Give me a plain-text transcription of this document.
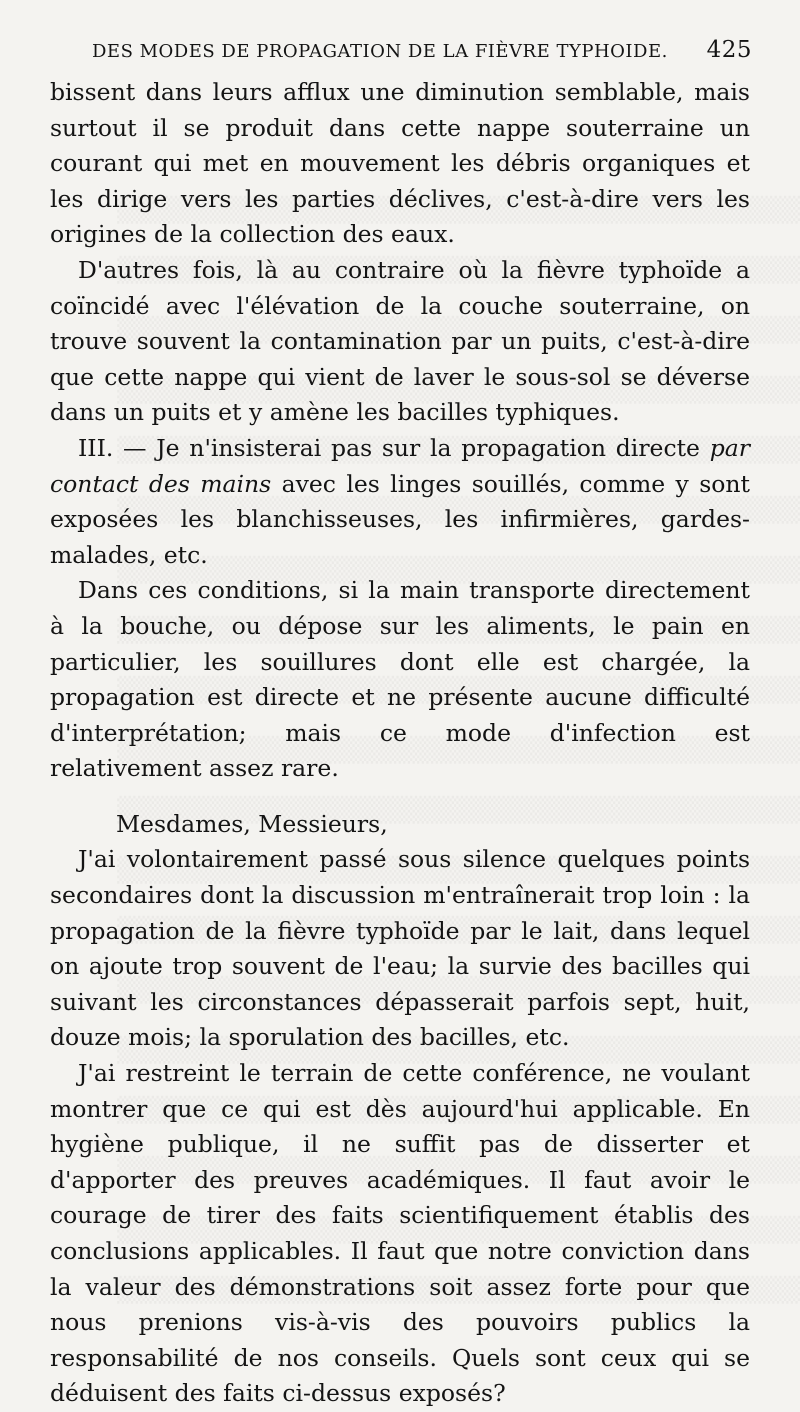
DES MODES DE PROPAGATION DE LA FIÈVRE TYPHOIDE. 425

bissent dans leurs afflux une diminution semblable, mais surtout il se produit dans cette nappe souterraine un courant qui met en mouvement les débris organiques et les dirige vers les parties déclives, c'est-à-dire vers les origines de la collection des eaux.

D'autres fois, là au contraire où la fièvre typhoïde a coïncidé avec l'élévation de la couche souterraine, on trouve souvent la contamination par un puits, c'est-à-dire que cette nappe qui vient de laver le sous-sol se déverse dans un puits et y amène les bacilles typhiques.

III. — Je n'insisterai pas sur la propagation directe par contact des mains avec les linges souillés, comme y sont exposées les blanchisseuses, les infirmières, gardes-malades, etc.

Dans ces conditions, si la main transporte directement à la bouche, ou dépose sur les aliments, le pain en particulier, les souillures dont elle est chargée, la propagation est directe et ne présente aucune difficulté d'interprétation; mais ce mode d'infection est relativement assez rare.

Mesdames, Messieurs,

J'ai volontairement passé sous silence quelques points secondaires dont la discussion m'entraînerait trop loin : la propagation de la fièvre typhoïde par le lait, dans lequel on ajoute trop souvent de l'eau; la survie des bacilles qui suivant les circonstances dépasserait parfois sept, huit, douze mois; la sporulation des bacilles, etc.

J'ai restreint le terrain de cette conférence, ne voulant montrer que ce qui est dès aujourd'hui applicable. En hygiène publique, il ne suffit pas de disserter et d'apporter des preuves académiques. Il faut avoir le courage de tirer des faits scientifiquement établis des conclusions applicables. Il faut que notre conviction dans la valeur des démonstrations soit assez forte pour que nous prenions vis-à-vis des pouvoirs publics la responsabilité de nos conseils. Quels sont ceux qui se déduisent des faits ci-dessus exposés?
